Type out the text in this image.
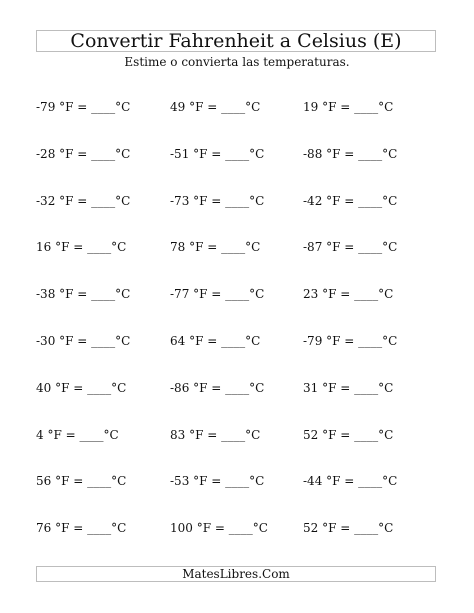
Convertir Fahrenheit a Celsius (E)
Estime o convierta las temperaturas.
-79 °F = ____°C	49 °F = ____°C	19 °F = ____°C
-28 °F = ____°C	-51 °F = ____°C	-88 °F = ____°C
-32 °F = ____°C	-73 °F = ____°C	-42 °F = ____°C
16 °F = ____°C	78 °F = ____°C	-87 °F = ____°C
-38 °F = ____°C	-77 °F = ____°C	23 °F = ____°C
-30 °F = ____°C	64 °F = ____°C	-79 °F = ____°C
40 °F = ____°C	-86 °F = ____°C	31 °F = ____°C
4 °F = ____°C	83 °F = ____°C	52 °F = ____°C
56 °F = ____°C	-53 °F = ____°C	-44 °F = ____°C
76 °F = ____°C	100 °F = ____°C	52 °F = ____°C
MatesLibres.Com
